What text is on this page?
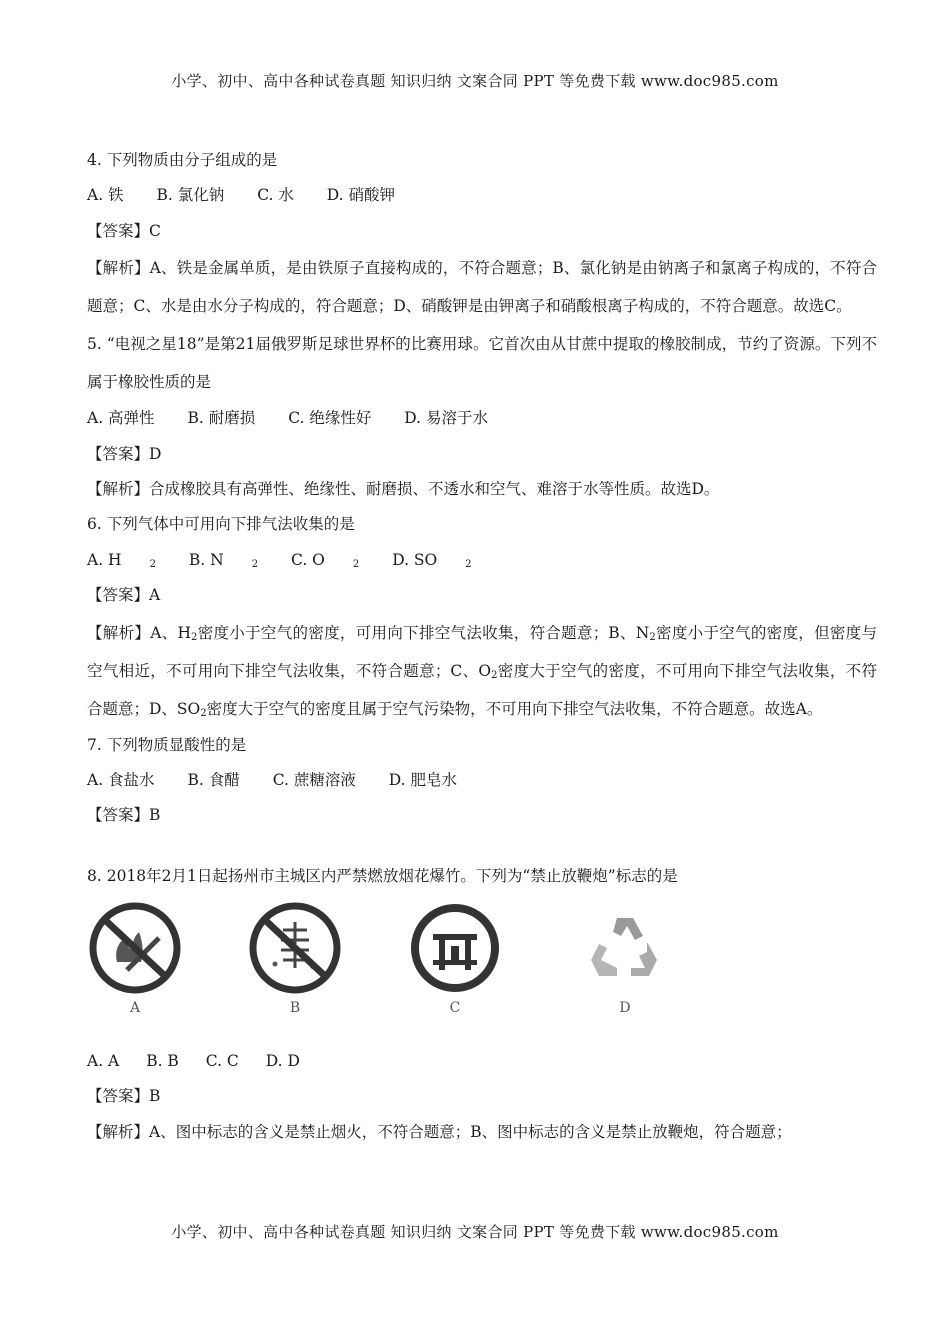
小学、初中、高中各种试卷真题 知识归纳 文案合同 PPT 等免费下载 www.doc985.com
4. 下列物质由分子组成的是
A. 铁 B. 氯化钠 C. 水 D. 硝酸钾
【答案】C
【解析】A、铁是金属单质，是由铁原子直接构成的，不符合题意；B、氯化钠是由钠离子和氯离子构成的，不符合题意；C、水是由水分子构成的，符合题意；D、硝酸钾是由钾离子和硝酸根离子构成的，不符合题意。故选C。
5. “电视之星18”是第21届俄罗斯足球世界杯的比赛用球。它首次由从甘蔗中提取的橡胶制成，节约了资源。下列不属于橡胶性质的是
A. 高弹性 B. 耐磨损 C. 绝缘性好 D. 易溶于水
【答案】D
【解析】合成橡胶具有高弹性、绝缘性、耐磨损、不透水和空气、难溶于水等性质。故选D。
6. 下列气体中可用向下排气法收集的是
A. H	$_2$ B. N	$_2$ C. O	$_2$ D. SO	$_2$
【答案】A
【解析】A、$H_2$密度小于空气的密度，可用向下排空气法收集，符合题意；B、$N_2$密度小于空气的密度，但密度与空气相近，不可用向下排空气法收集，不符合题意；C、$O_2$密度大于空气的密度，不可用向下排空气法收集，不符合题意；D、$SO_2$密度大于空气的密度且属于空气污染物，不可用向下排空气法收集，不符合题意。故选A。
7. 下列物质显酸性的是
A. 食盐水 B. 食醋 C. 蔗糖溶液 D. 肥皂水
【答案】B
8. 2018年2月1日起扬州市主城区内严禁燃放烟花爆竹。下列为“禁止放鞭炮”标志的是
A	B	C	D
A. A B. B C. C D. D
【答案】B
【解析】A、图中标志的含义是禁止烟火，不符合题意；B、图中标志的含义是禁止放鞭炮，符合题意；
小学、初中、高中各种试卷真题 知识归纳 文案合同 PPT 等免费下载 www.doc985.com
